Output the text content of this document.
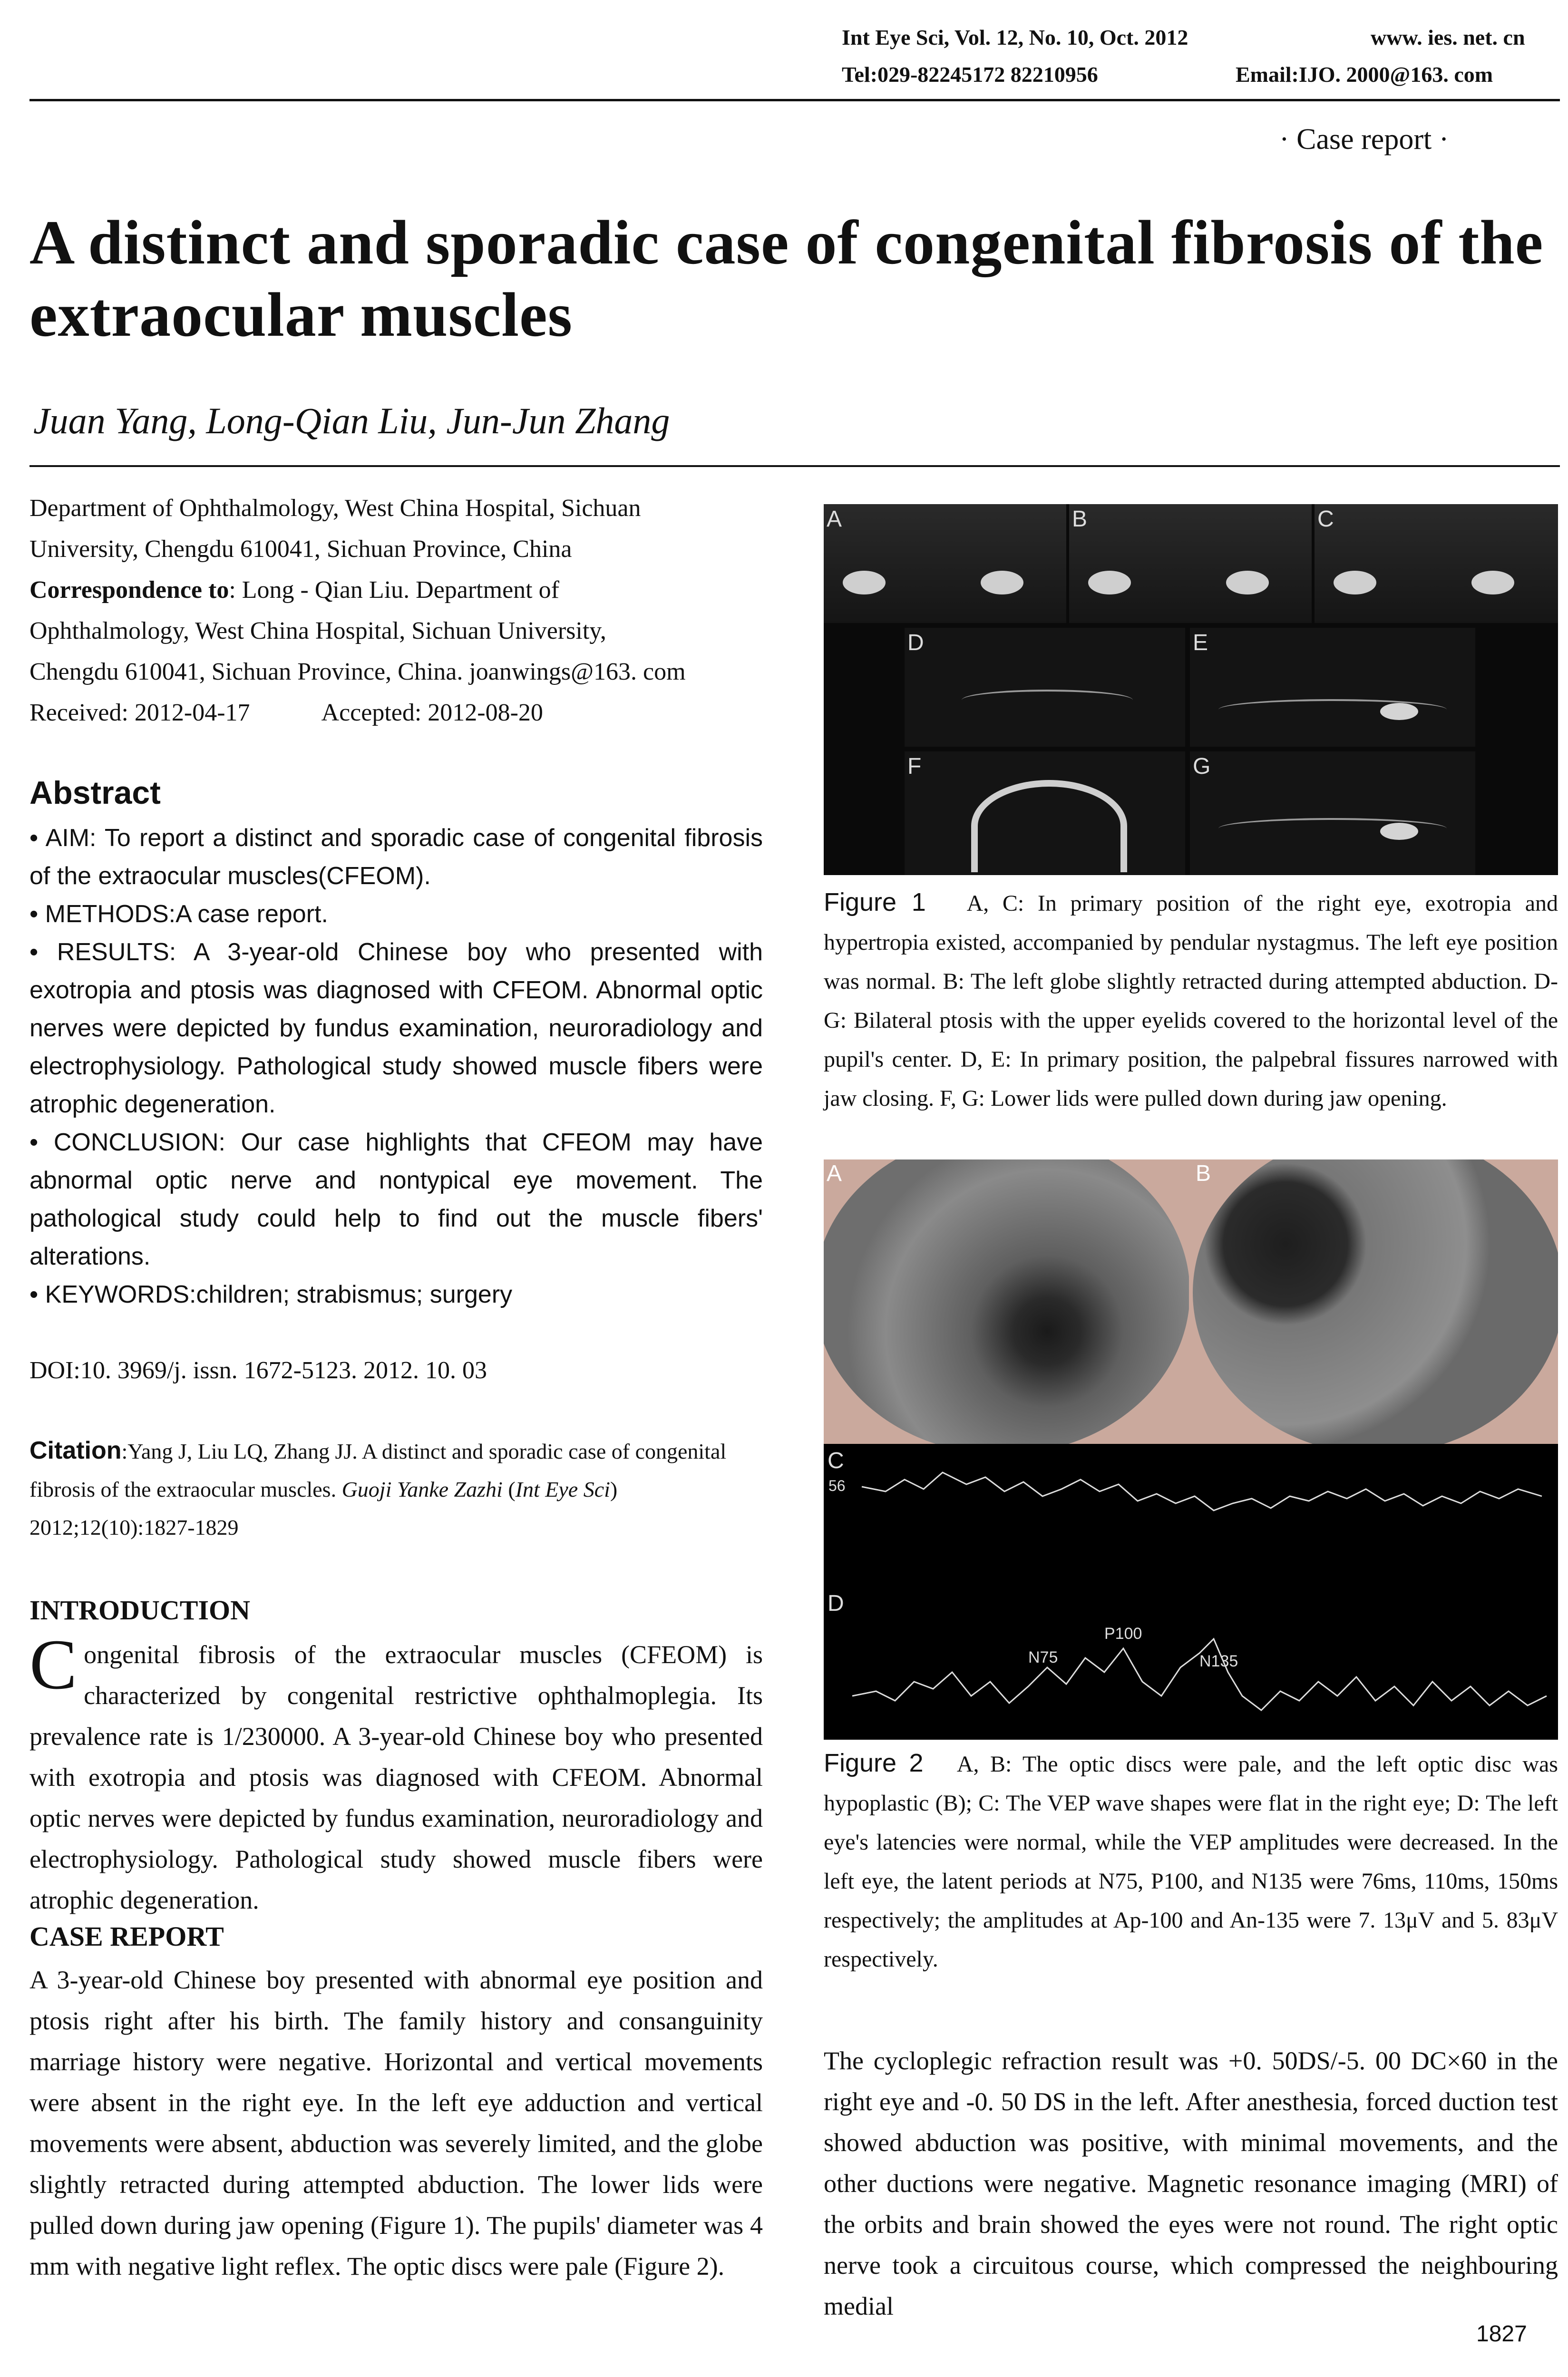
Int Eye Sci, Vol. 12, No. 10, Oct. 2012	www. ies. net. cn
Tel:029-82245172 82210956	Email:IJO. 2000@163. com
· Case report ·
A distinct and sporadic case of congenital fibrosis of the
extraocular muscles
Juan Yang, Long-Qian Liu, Jun-Jun Zhang
Department of Ophthalmology, West China Hospital, Sichuan
University, Chengdu 610041, Sichuan Province, China
Correspondence to: Long - Qian Liu. Department of
Ophthalmology, West China Hospital, Sichuan University,
Chengdu 610041, Sichuan Province, China. joanwings@163. com
Received: 2012-04-17	Accepted: 2012-08-20
Abstract

• AIM: To report a distinct and sporadic case of congenital fibrosis of the extraocular muscles(CFEOM).

• METHODS:A case report.

• RESULTS: A 3-year-old Chinese boy who presented with exotropia and ptosis was diagnosed with CFEOM. Abnormal optic nerves were depicted by fundus examination, neuroradiology and electrophysiology. Pathological study showed muscle fibers were atrophic degeneration.

• CONCLUSION: Our case highlights that CFEOM may have abnormal optic nerve and nontypical eye movement. The pathological study could help to find out the muscle fibers' alterations.

• KEYWORDS:children; strabismus; surgery

DOI:10. 3969/j. issn. 1672-5123. 2012. 10. 03
Citation:Yang J, Liu LQ, Zhang JJ. A distinct and sporadic case of congenital fibrosis of the extraocular muscles. Guoji Yanke Zazhi (Int Eye Sci) 2012;12(10):1827-1829
INTRODUCTION
Congenital fibrosis of the extraocular muscles (CFEOM) is characterized by congenital restrictive ophthalmoplegia. Its prevalence rate is 1/230000. A 3-year-old Chinese boy who presented with exotropia and ptosis was diagnosed with CFEOM. Abnormal optic nerves were depicted by fundus examination, neuroradiology and electrophysiology. Pathological study showed muscle fibers were atrophic degeneration.
CASE REPORT
A 3-year-old Chinese boy presented with abnormal eye position and ptosis right after his birth. The family history and consanguinity marriage history were negative. Horizontal and vertical movements were absent in the right eye. In the left eye adduction and vertical movements were absent, abduction was severely limited, and the globe slightly retracted during attempted abduction. The lower lids were pulled down during jaw opening (Figure 1). The pupils' diameter was 4 mm with negative light reflex. The optic discs were pale (Figure 2).
A	B	C
D	E
F	G
Figure 1 A, C: In primary position of the right eye, exotropia and hypertropia existed, accompanied by pendular nystagmus. The left eye position was normal. B: The left globe slightly retracted during attempted abduction. D-G: Bilateral ptosis with the upper eyelids covered to the horizontal level of the pupil's center. D, E: In primary position, the palpebral fissures narrowed with jaw closing. F, G: Lower lids were pulled down during jaw opening.
A	B
C
56
D
N75
P100
N135
Figure 2 A, B: The optic discs were pale, and the left optic disc was hypoplastic (B); C: The VEP wave shapes were flat in the right eye; D: The left eye's latencies were normal, while the VEP amplitudes were decreased. In the left eye, the latent periods at N75, P100, and N135 were 76ms, 110ms, 150ms respectively; the amplitudes at Ap-100 and An-135 were 7. 13μV and 5. 83μV respectively.
The cycloplegic refraction result was +0. 50DS/-5. 00 DC×60 in the right eye and -0. 50 DS in the left. After anesthesia, forced duction test showed abduction was positive, with minimal movements, and the other ductions were negative. Magnetic resonance imaging (MRI) of the orbits and brain showed the eyes were not round. The right optic nerve took a circuitous course, which compressed the neighbouring medial
1827
